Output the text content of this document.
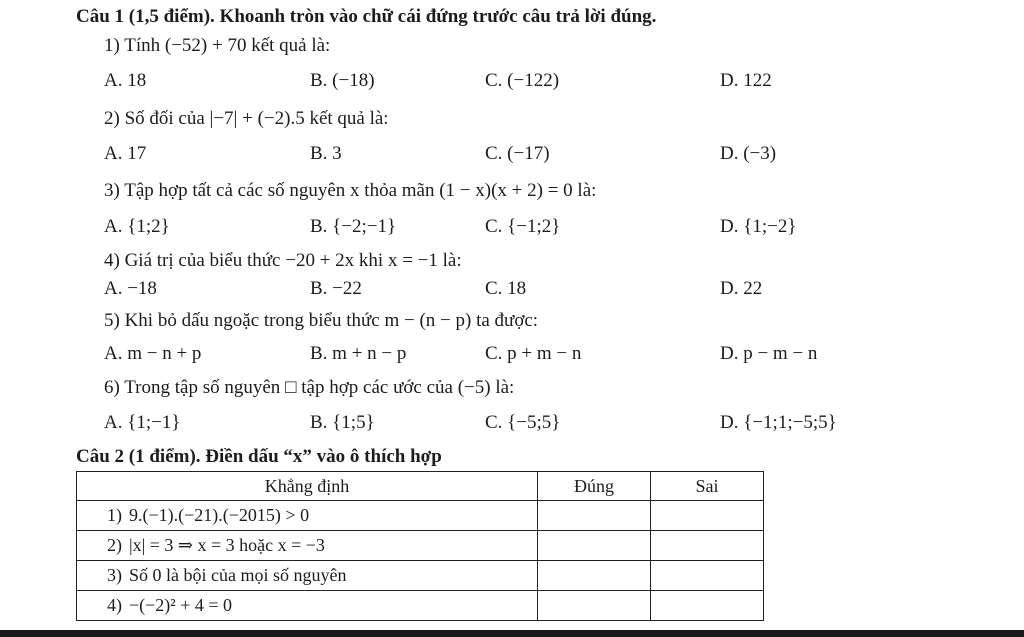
Câu 1 (1,5 điểm). Khoanh tròn vào chữ cái đứng trước câu trả lời đúng.
1) Tính (−52) + 70 kết quả là:
A. 18	B. (−18)	C. (−122)	D. 122
2) Số đối của |−7| + (−2).5 kết quả là:
A. 17	B. 3	C. (−17)	D. (−3)
3) Tập hợp tất cả các số nguyên x thỏa mãn (1 − x)(x + 2) = 0 là:
A. {1;2}	B. {−2;−1}	C. {−1;2}	D. {1;−2}
4) Giá trị của biểu thức −20 + 2x khi x = −1 là:
A. −18	B. −22	C. 18	D. 22
5) Khi bỏ dấu ngoặc trong biểu thức m − (n − p) ta được:
A. m − n + p	B. m + n − p	C. p + m − n	D. p − m − n
6) Trong tập số nguyên □ tập hợp các ước của (−5) là:
A. {1;−1}	B. {1;5}	C. {−5;5}	D. {−1;1;−5;5}
Câu 2 (1 điểm). Điền dấu “x” vào ô thích hợp
Khẳng định	Đúng	Sai
1) 9.(−1).(−21).(−2015) > 0		
2) |x| = 3 ⇒ x = 3 hoặc x = −3		
3) Số 0 là bội của mọi số nguyên		
4) −(−2)² + 4 = 0		
